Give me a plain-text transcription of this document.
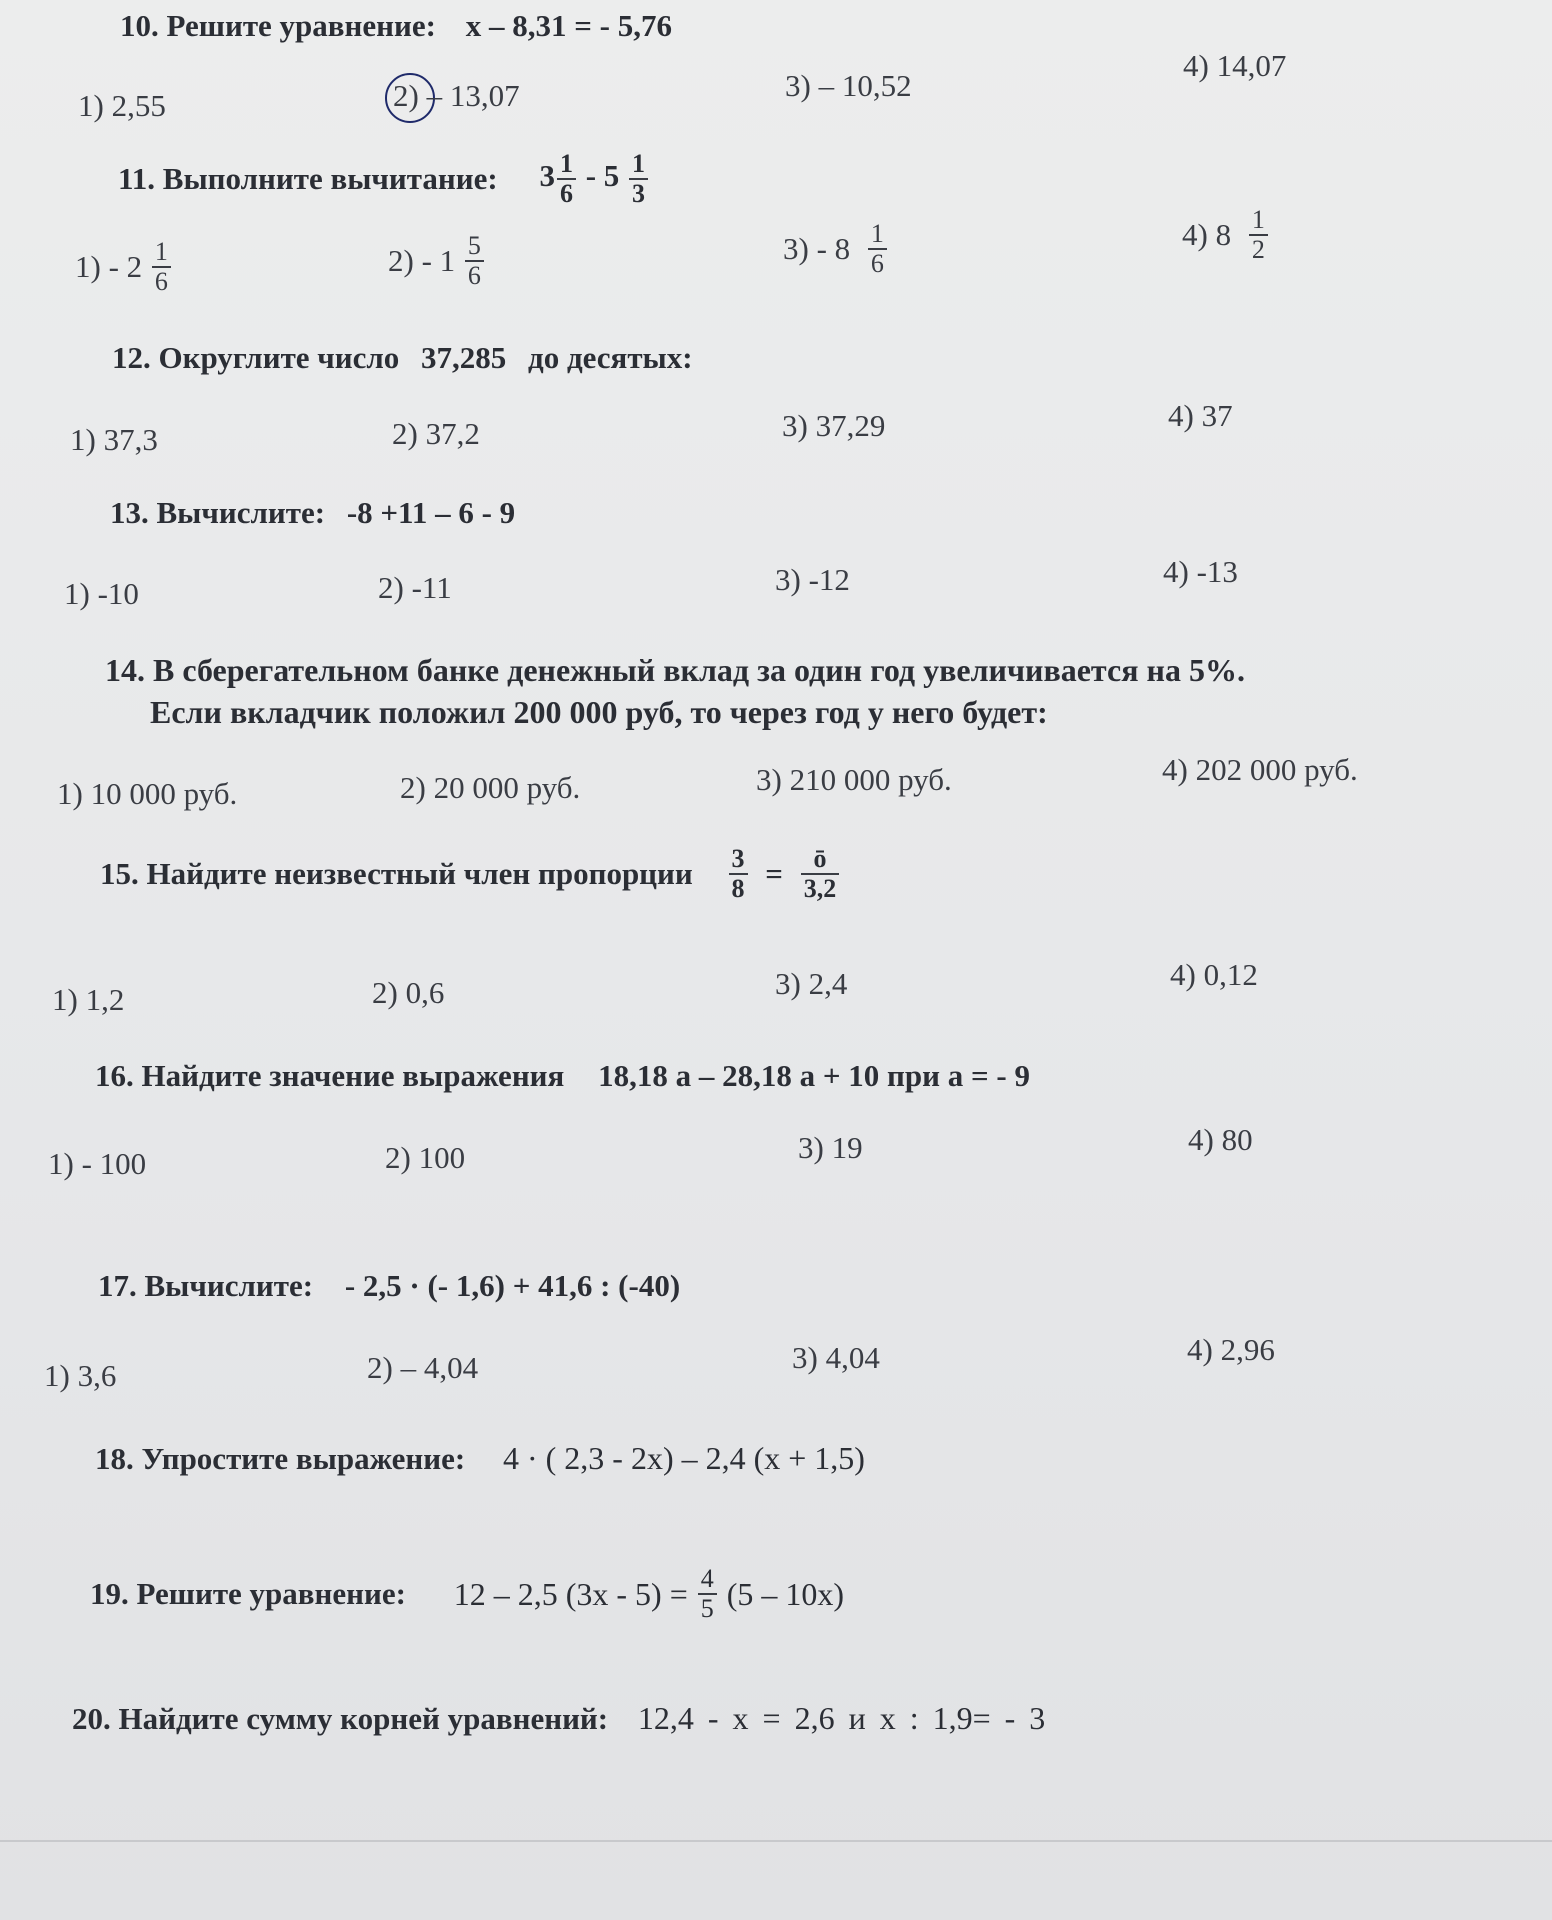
10. Решите уравнение: x – 8,31 = - 5,76
1) 2,55	2) – 13,07	3) – 10,52
4) 14,07
11. Выполните вычитание: $3 \frac{1}{6} - 5 \frac{1}{3}$
$1) - 2 \frac{1}{6}$	$2) - 1 \frac{5}{6}$	$3) - 8 \frac{1}{6}$	4) $8 \frac{1}{2}$
12. Округлите число 37,285 до десятых:
1) 37,3	2) 37,2	3) 37,29	4) 37
13. Вычислите: -8 +11 – 6 - 9
1) -10	2) -11	3) -12	4) -13
14. В сберегательном банке денежный вклад за один год увеличивается на 5%.
Если вкладчик положил 200 000 руб, то через год у него будет:
1) 10 000 руб.	2) 20 000 руб.	3) 210 000 руб.	4) 202 000 руб.
15. Найдите неизвестный член пропорции $\frac{3}{8} = \frac{ō}{3,2}$
1) 1,2	2) 0,6	3) 2,4	4) 0,12
16. Найдите значение выражения 18,18 а – 28,18 а + 10 при а = - 9
1) - 100	2) 100	3) 19	4) 80
17. Вычислите: - 2,5 · (- 1,6) + 41,6 : (-40)
1) 3,6	2) – 4,04	3) 4,04	4) 2,96
18. Упростите выражение: 4 · ( 2,3 - 2x) – 2,4 (x + 1,5)
19. Решите уравнение: 12 – 2,5 $(3x - 5) = \frac{4}{5} (5 - 10x)$
20. Найдите сумму корней уравнений: 12,4 - x = 2,6 и x : 1,9= - 3
